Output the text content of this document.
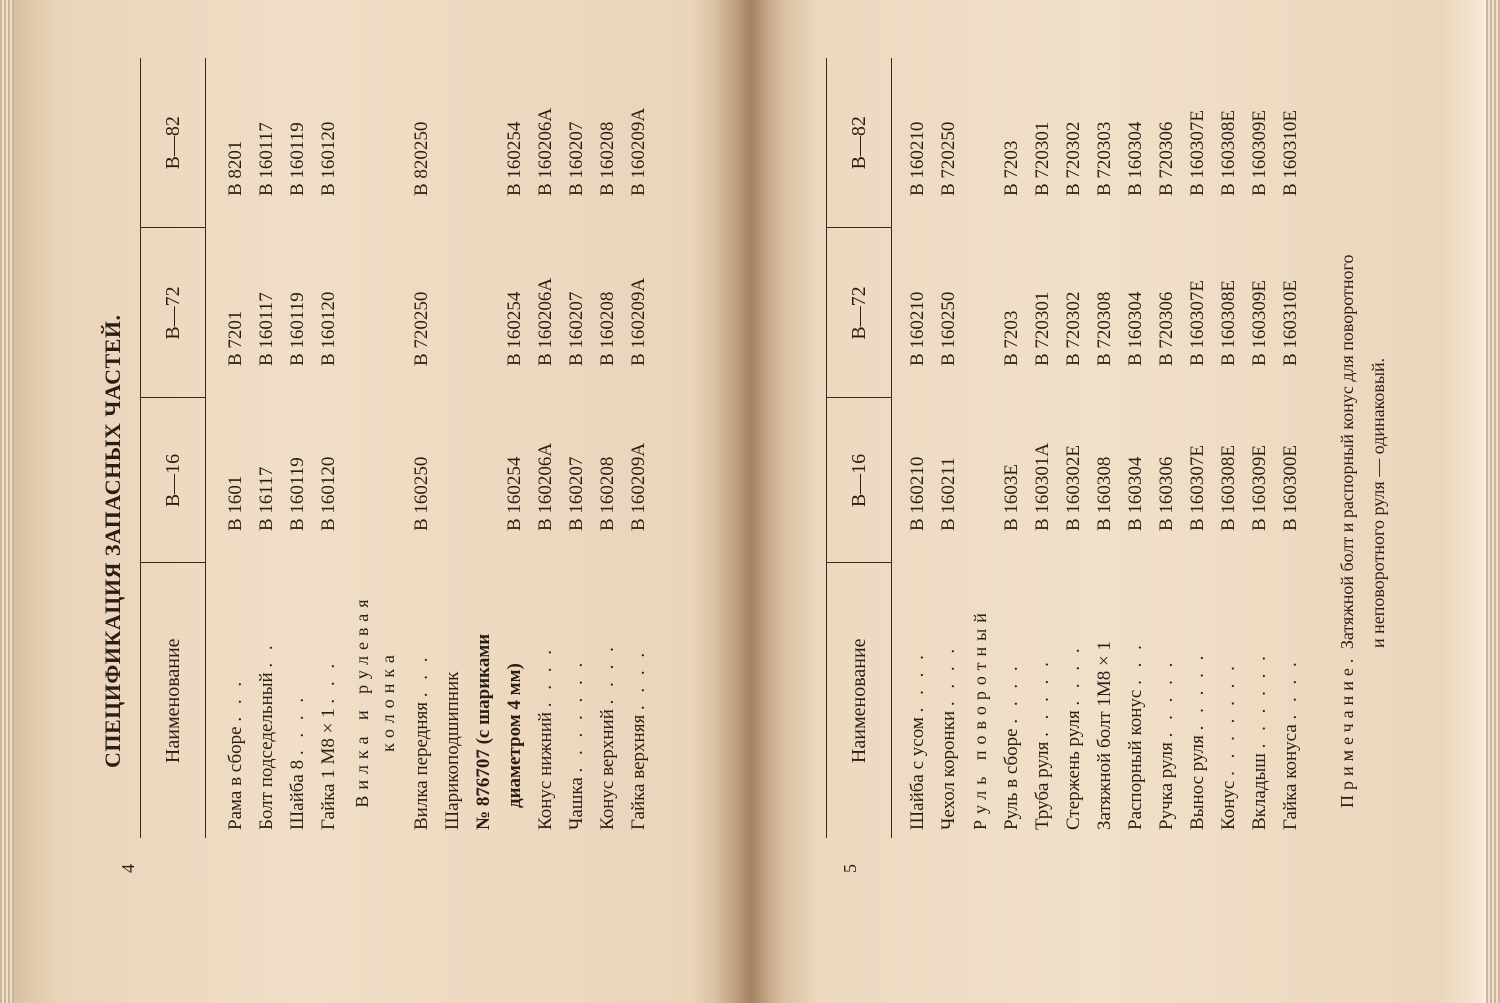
СПЕЦИФИКАЦИЯ ЗАПАСНЫХ ЧАСТЕЙ. Наименование	В—16	В—72	В—82

Рама в сборе . . .	В 1601	В 7201	В 8201
Болт подседельный . .	В 16117	В 160117	В 160117
Шайба 8 . . . .	В 160119	В 160119	В 160119
Гайка 1 М8 × 1 . . .	В 160120	В 160120	В 160120
Вилка и рулевая колонка			
Вилка передняя . . .	В 160250	В 720250	В 820250
Шарикоподшипник			
№ 876707 (с шариками			
диаметром 4 мм)	В 160254	В 160254	В 160254
Конус нижний . . . .	В 160206А	В 160206А	В 160206А
Чашка . . . . . . .	В 160207	В 160207	В 160207
Конус верхний . . . .	В 160208	В 160208	В 160208
Гайка верхняя . . . .	В 160209А	В 160209А	В 160209А
4

Наименование	В—16	В—72	В—82

Шайба с усом . . . .	В 160210	В 160210	В 160210
Чехол коронки . . . .	В 160211	В 160250	В 720250
Руль поворотный			
Руль в сборе . . . .	В 1603Е	В 7203	В 7203
Труба руля . . . . .	В 160301А	В 720301	В 720301
Стержень руля . . . .	В 160302Е	В 720302	В 720302
Затяжной болт 1М8 × 1	В 160308	В 720308	В 720303
Распорный конус . . .	В 160304	В 160304	В 160304
Ручка руля . . . . .	В 160306	В 720306	В 720306
Вынос руля . . . . .	В 160307Е	В 160307Е	В 160307Е
Конус . . . . . . .	В 160308Е	В 160308Е	В 160308Е
Вкладыш . . . . . .	В 160309Е	В 160309Е	В 160309Е
Гайка конуса . . . .	В 160300Е	В 160310Е	В 160310Е
Примечание. Затяжной болт и распорный конус для поворотного и неповоротного руля — одинаковый.
5
